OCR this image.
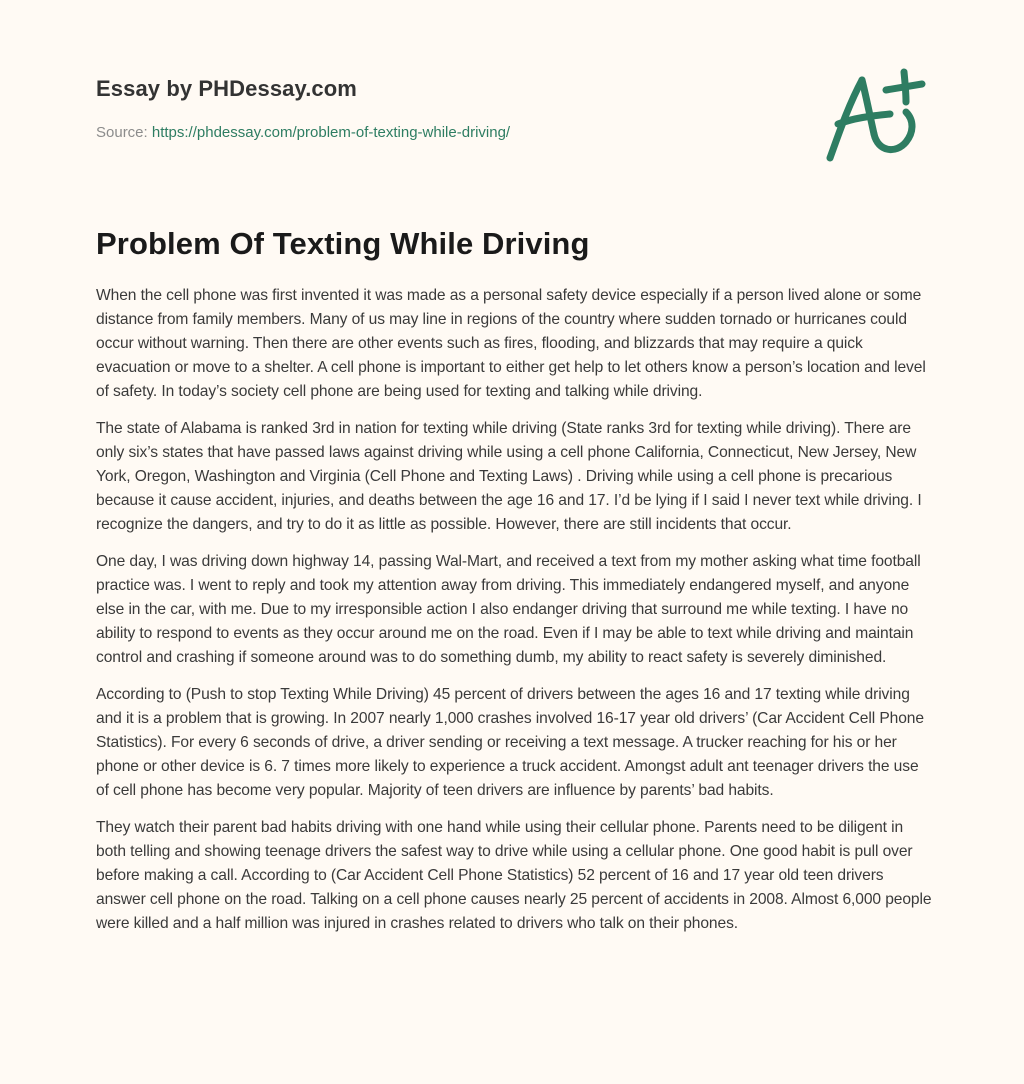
Essay by PHDessay.com
Source: https://phdessay.com/problem-of-texting-while-driving/
Problem Of Texting While Driving

When the cell phone was first invented it was made as a personal safety device especially if a person lived alone or some distance from family members. Many of us may line in regions of the country where sudden tornado or hurricanes could occur without warning. Then there are other events such as fires, flooding, and blizzards that may require a quick evacuation or move to a shelter. A cell phone is important to either get help to let others know a person’s location and level of safety. In today’s society cell phone are being used for texting and talking while driving.

The state of Alabama is ranked 3rd in nation for texting while driving (State ranks 3rd for texting while driving). There are only six’s states that have passed laws against driving while using a cell phone California, Connecticut, New Jersey, New York, Oregon, Washington and Virginia (Cell Phone and Texting Laws) . Driving while using a cell phone is precarious because it cause accident, injuries, and deaths between the age 16 and 17. I’d be lying if I said I never text while driving. I recognize the dangers, and try to do it as little as possible. However, there are still incidents that occur.

One day, I was driving down highway 14, passing Wal-Mart, and received a text from my mother asking what time football practice was. I went to reply and took my attention away from driving. This immediately endangered myself, and anyone else in the car, with me. Due to my irresponsible action I also endanger driving that surround me while texting. I have no ability to respond to events as they occur around me on the road. Even if I may be able to text while driving and maintain control and crashing if someone around was to do something dumb, my ability to react safety is severely diminished.

According to (Push to stop Texting While Driving) 45 percent of drivers between the ages 16 and 17 texting while driving and it is a problem that is growing. In 2007 nearly 1,000 crashes involved 16-17 year old drivers’ (Car Accident Cell Phone Statistics). For every 6 seconds of drive, a driver sending or receiving a text message. A trucker reaching for his or her phone or other device is 6. 7 times more likely to experience a truck accident. Amongst adult ant teenager drivers the use of cell phone has become very popular. Majority of teen drivers are influence by parents’ bad habits.

They watch their parent bad habits driving with one hand while using their cellular phone. Parents need to be diligent in both telling and showing teenage drivers the safest way to drive while using a cellular phone. One good habit is pull over before making a call. According to (Car Accident Cell Phone Statistics) 52 percent of 16 and 17 year old teen drivers answer cell phone on the road. Talking on a cell phone causes nearly 25 percent of accidents in 2008. Almost 6,000 people were killed and a half million was injured in crashes related to drivers who talk on their phones.
